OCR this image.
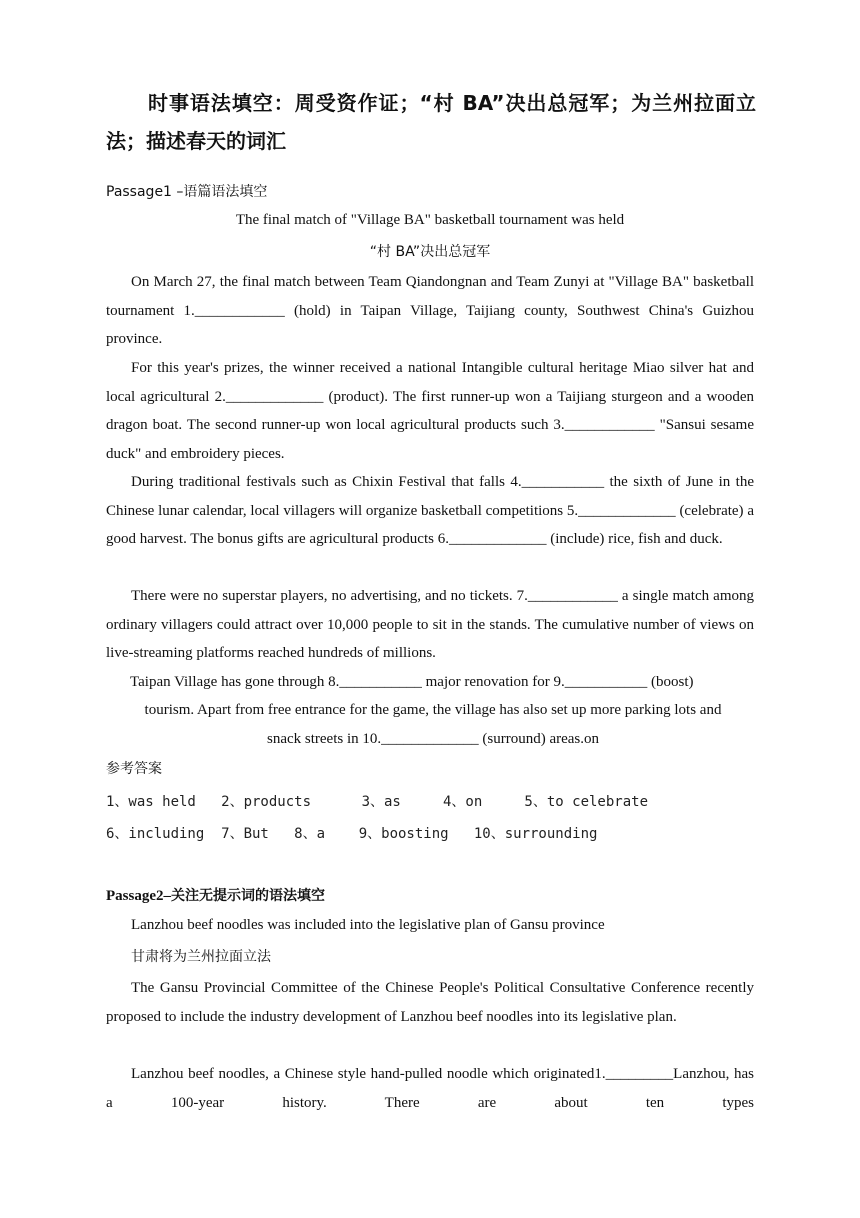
时事语法填空：周受资作证；“村 BA”决出总冠军；为兰州拉面立法；描述春天的词汇

Passage1 –语篇语法填空

The final match of "Village BA" basketball tournament was held

“村 BA”决出总冠军

On March 27, the final match between Team Qiandongnan and Team Zunyi at "Village BA" basketball tournament 1.____________ (hold) in Taipan Village, Taijiang county, Southwest China's Guizhou province.

For this year's prizes, the winner received a national Intangible cultural heritage Miao silver hat and local agricultural 2._____________ (product). The first runner-up won a Taijiang sturgeon and a wooden dragon boat. The second runner-up won local agricultural products such 3.____________ "Sansui sesame duck" and embroidery pieces.

During traditional festivals such as Chixin Festival that falls 4.___________ the sixth of June in the Chinese lunar calendar, local villagers will organize basketball competitions 5._____________ (celebrate) a good harvest. The bonus gifts are agricultural products 6._____________ (include) rice, fish and duck.

There were no superstar players, no advertising, and no tickets. 7.____________ a single match among ordinary villagers could attract over 10,000 people to sit in the stands. The cumulative number of views on live-streaming platforms reached hundreds of millions.

Taipan Village has gone through 8.___________ major renovation for 9.___________ (boost)

tourism. Apart from free entrance for the game, the village has also set up more parking lots and

snack streets in 10._____________ (surround) areas.on

参考答案

1、was held   2、products      3、as     4、on     5、to celebrate

6、including  7、But   8、a    9、boosting   10、surrounding

Passage2–关注无提示词的语法填空

Lanzhou beef noodles was included into the legislative plan of Gansu province

甘肃将为兰州拉面立法

The Gansu Provincial Committee of the Chinese People's Political Consultative Conference recently proposed to include the industry development of Lanzhou beef noodles into its legislative plan.

Lanzhou beef noodles, a Chinese style hand-pulled noodle which originated1._________Lanzhou, has a 100-year history. There are about ten types
